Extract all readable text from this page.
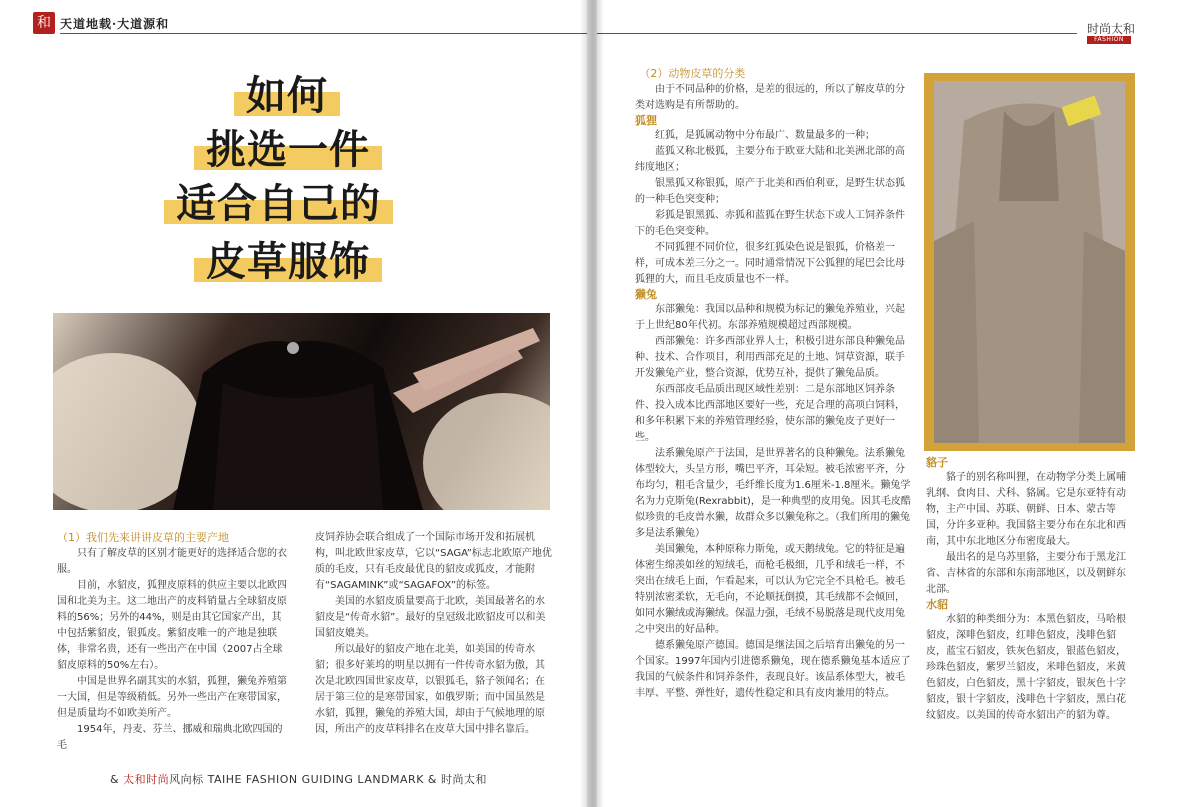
和 天道地载·大道源和
如何
挑选一件
适合自己的
皮草服饰

（1）我们先来讲讲皮草的主要产地

只有了解皮草的区别才能更好的选择适合您的衣服。

目前，水貂皮，狐狸皮原料的供应主要以北欧四国和北美为主。这二地出产的皮料销量占全球貂皮原料的56%；另外的44%，则是由其它国家产出，其中包括紫貂皮，银狐皮。紫貂皮唯一的产地是独联体，非常名贵，还有一些出产在中国（2007占全球貂皮原料的50%左右）。

中国是世界名副其实的水貂，狐狸，獭兔养殖第一大国，但是等级稍低。另外一些出产在寒带国家，但是质量均不如欧美所产。

1954年，丹麦、芬兰、挪威和瑞典北欧四国的毛

皮饲养协会联合组成了一个国际市场开发和拓展机构，叫北欧世家皮草，它以“SAGA”标志北欧原产地优质的毛皮，只有毛皮最优良的貂皮或狐皮，才能附有“SAGAMINK”或“SAGAFOX”的标签。

美国的水貂皮质量要高于北欧，美国最著名的水貂皮是“传奇水貂”。最好的皇冠级北欧貂皮可以和美国貂皮媲美。

所以最好的貂皮产地在北美，如美国的传奇水貂；很多好莱坞的明星以拥有一件传奇水貂为傲，其次是北欧四国世家皮草，以银狐毛，貉子领闻名；在居于第三位的是寒带国家，如俄罗斯；而中国虽然是水貂，狐狸，獭兔的养殖大国，却由于气候地理的原因，所出产的皮草料排名在皮草大国中排名靠后。

& 太和时尚风向标 TAIHE FASHION GUIDING LANDMARK & 时尚太和
时尚太和
FASHION

（2）动物皮草的分类

由于不同品种的价格，是差的很远的，所以了解皮草的分类对选购是有所帮助的。

狐狸

红狐，是狐属动物中分布最广、数量最多的一种；

蓝狐又称北极狐，主要分布于欧亚大陆和北美洲北部的高纬度地区；

银黑狐又称银狐，原产于北美和西伯利亚，是野生状态狐的一种毛色突变种；

彩狐是银黑狐、赤狐和蓝狐在野生状态下或人工饲养条件下的毛色突变种。

不同狐狸不同价位，很多红狐染色说是银狐，价格差一样，可成本差三分之一。同时通常情况下公狐狸的尾巴会比母狐狸的大，而且毛皮质量也不一样。

獭兔

东部獭兔：我国以品种和规模为标记的獭兔养殖业，兴起于上世纪80年代初。东部养殖规模超过西部规模。

西部獭兔：许多西部业界人士，积极引进东部良种獭兔品种、技术、合作项目，利用西部充足的土地、饲草资源，联手开发獭兔产业，整合资源，优势互补，提供了獭兔品质。

东西部皮毛品质出现区域性差别：二是东部地区饲养条件、投入成本比西部地区要好一些，充足合理的高项白饲料，和多年积累下来的养殖管理经验，使东部的獭兔皮子更好一些。

法系獭兔原产于法国，是世界著名的良种獭兔。法系獭兔体型较大，头呈方形，嘴巴平齐，耳朵短。被毛浓密平齐，分布均匀，粗毛含量少，毛纤维长度为1.6厘米-1.8厘米。獭兔学名为力克斯兔(Rexrabbit)，是一种典型的皮用兔。因其毛皮酷似珍贵的毛皮兽水獭，故群众多以獭兔称之。（我们所用的獭兔多是法系獭兔）

美国獭兔，本种原称力斯兔，或天鹅绒兔。它的特征是遍体密生绵羡如丝的短绒毛，而枪毛极细，几乎和绒毛一样，不突出在绒毛上面，乍看起来，可以认为它完全不具枪毛。被毛特别浓密柔软，无毛向，不论顺抚倒摸，其毛绒都不会倾回，如同水獭绒或海獭绒。保温力强，毛绒不易脱落是现代皮用兔之中突出的好品种。

德系獭兔原产德国。德国是继法国之后培育出獭兔的另一个国家。1997年国内引进德系獭兔，现在德系獭兔基本适应了我国的气候条件和饲养条件，表现良好。该品系体型大，被毛丰厚、平整、弹性好，遗传性稳定和具有皮肉兼用的特点。

貉子

貉子的别名称叫狸，在动物学分类上属哺乳纲、食肉目、犬科、貉属。它是东亚特有动物，主产中国、苏联、朝鲜、日本、蒙古等国，分许多亚种。我国貉主要分布在东北和西南，其中东北地区分布密度最大。

最出名的是乌苏里貉，主要分布于黑龙江省、吉林省的东部和东南部地区，以及朝鲜东北部。

水貂

水貂的种类细分为：本黑色貂皮，马哈根貂皮，深啡色貂皮，红啡色貂皮，浅啡色貂皮，蓝宝石貂皮，铁灰色貂皮，银蓝色貂皮，珍珠色貂皮，紫罗兰貂皮，米啡色貂皮，米黄色貂皮，白色貂皮，黑十字貂皮，银灰色十字貂皮，银十字貂皮，浅啡色十字貂皮，黑白花纹貂皮。以美国的传奇水貂出产的貂为尊。
